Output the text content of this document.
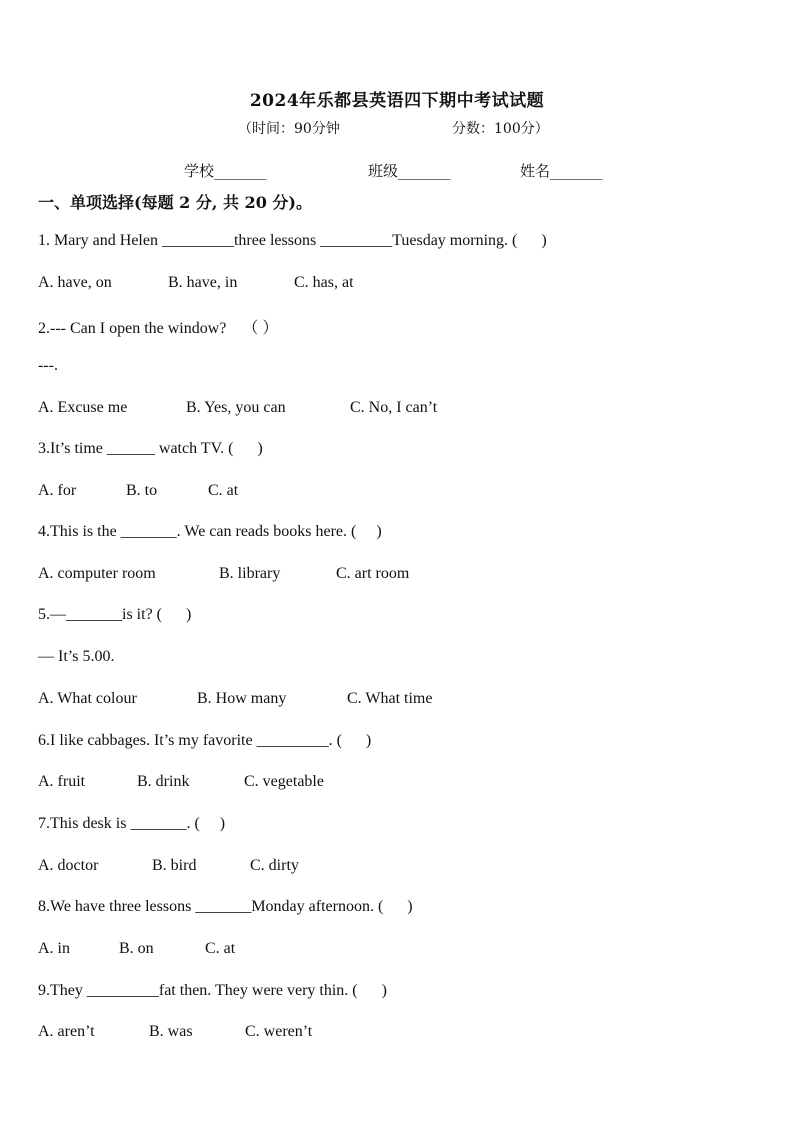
2024年乐都县英语四下期中考试试题
（时间：90分钟	分数：100分）
学校_______	班级_______	姓名_______
一、单项选择(每题 2 分, 共 20 分)。
1. Mary and Helen _________three lessons _________Tuesday morning. (      )
A. have, on	B. have, in	C. has, at
2.--- Can I open the window?    （ ）
---.
A. Excuse me	B. Yes, you can	C. No, I can’t
3.It’s time ______ watch TV. (      )
A. for	B. to	C. at
4.This is the _______. We can reads books here. (     )
A. computer room	B. library	C. art room
5.—_______is it? (      )
— It’s 5.00.
A. What colour	B. How many	C. What time
6.I like cabbages. It’s my favorite _________. (      )
A. fruit	B. drink	C. vegetable
7.This desk is _______. (     )
A. doctor	B. bird	C. dirty
8.We have three lessons _______Monday afternoon. (      )
A. in	B. on	C. at
9.They _________fat then. They were very thin. (      )
A. aren’t	B. was	C. weren’t
